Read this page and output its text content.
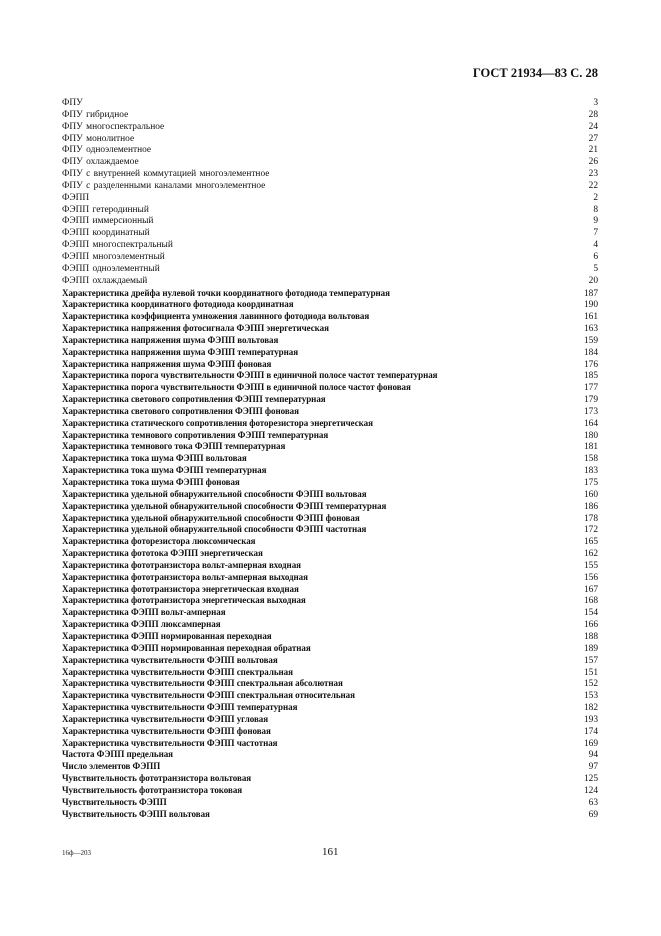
ГОСТ 21934—83 С. 28
ФПУ	3
ФПУ гибридное	28
ФПУ многоспектральное	24
ФПУ монолитное	27
ФПУ одноэлементное	21
ФПУ охлаждаемое	26
ФПУ с внутренней коммутацией многоэлементное	23
ФПУ с разделенными каналами многоэлементное	22
ФЭПП	2
ФЭПП гетеродинный	8
ФЭПП иммерсионный	9
ФЭПП координатный	7
ФЭПП многоспектральный	4
ФЭПП многоэлементный	6
ФЭПП одноэлементный	5
ФЭПП охлаждаемый	20
Характеристика дрейфа нулевой точки координатного фотодиода температурная	187
Характеристика координатного фотодиода координатная	190
Характеристика коэффициента умножения лавинного фотодиода вольтовая	161
Характеристика напряжения фотосигнала ФЭПП энергетическая	163
Характеристика напряжения шума ФЭПП вольтовая	159
Характеристика напряжения шума ФЭПП температурная	184
Характеристика напряжения шума ФЭПП фоновая	176
Характеристика порога чувствительности ФЭПП в единичной полосе частот температурная	185
Характеристика порога чувствительности ФЭПП в единичной полосе частот фоновая	177
Характеристика светового сопротивления ФЭПП температурная	179
Характеристика светового сопротивления ФЭПП фоновая	173
Характеристика статического сопротивления фоторезистора энергетическая	164
Характеристика темнового сопротивления ФЭПП температурная	180
Характеристика темнового тока ФЭПП температурная	181
Характеристика тока шума ФЭПП вольтовая	158
Характеристика тока шума ФЭПП температурная	183
Характеристика тока шума ФЭПП фоновая	175
Характеристика удельной обнаружительной способности ФЭПП вольтовая	160
Характеристика удельной обнаружительной способности ФЭПП температурная	186
Характеристика удельной обнаружительной способности ФЭПП фоновая	178
Характеристика удельной обнаружительной способности ФЭПП частотная	172
Характеристика фоторезистора люксомическая	165
Характеристика фототока ФЭПП энергетическая	162
Характеристика фототранзистора вольт-амперная входная	155
Характеристика фототранзистора вольт-амперная выходная	156
Характеристика фототранзистора энергетическая входная	167
Характеристика фототранзистора энергетическая выходная	168
Характеристика ФЭПП вольт-амперная	154
Характеристика ФЭПП люксамперная	166
Характеристика ФЭПП нормированная переходная	188
Характеристика ФЭПП нормированная переходная обратная	189
Характеристика чувствительности ФЭПП вольтовая	157
Характеристика чувствительности ФЭПП спектральная	151
Характеристика чувствительности ФЭПП спектральная абсолютная	152
Характеристика чувствительности ФЭПП спектральная относительная	153
Характеристика чувствительности ФЭПП температурная	182
Характеристика чувствительности ФЭПП угловая	193
Характеристика чувствительности ФЭПП фоновая	174
Характеристика чувствительности ФЭПП частотная	169
Частота ФЭПП предельная	94
Число элементов ФЭПП	97
Чувствительность фототранзистора вольтовая	125
Чувствительность фототранзистора токовая	124
Чувствительность ФЭПП	63
Чувствительность ФЭПП вольтовая	69
16ф—203	161
